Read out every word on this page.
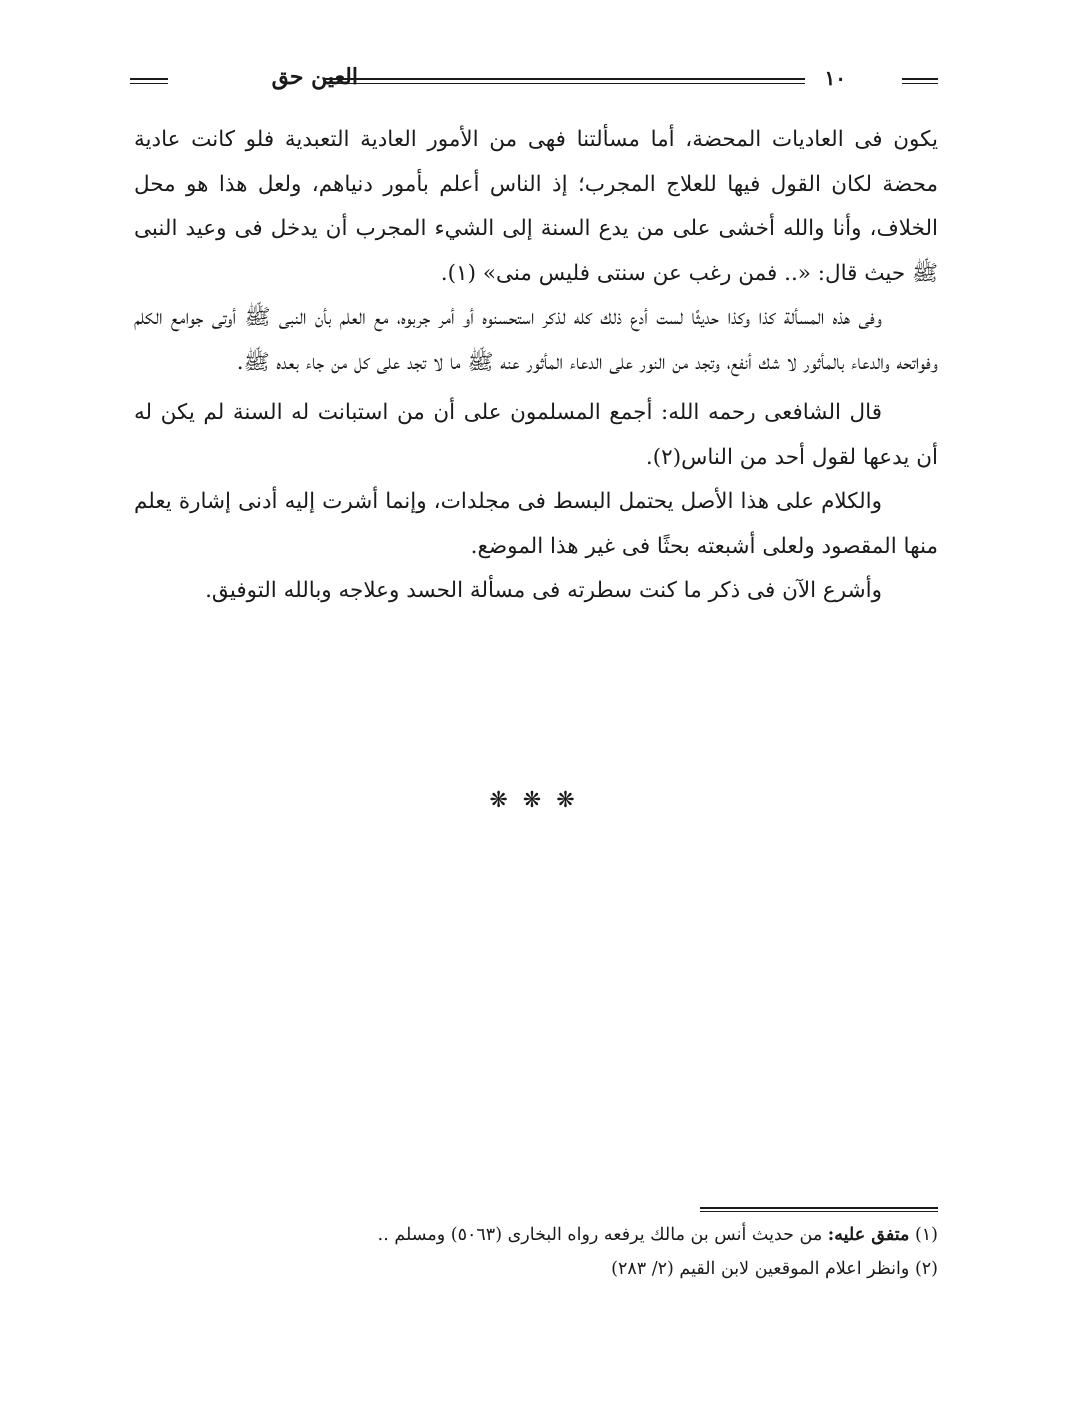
العين حق	١٠

يكون فى العاديات المحضة، أما مسألتنا فهى من الأمور العادية التعبدية فلو كانت عادية محضة لكان القول فيها للعلاج المجرب؛ إذ الناس أعلم بأمور دنياهم، ولعل هذا هو محل الخلاف، وأنا والله أخشى على من يدع السنة إلى الشيء المجرب أن يدخل فى وعيد النبى ﷺ حيث قال: «.. فمن رغب عن سنتى فليس منى» (١).

وفى هذه المسألة كذا وكذا حديثًا لست أدع ذلك كله لذكر استحسنوه أو أمر جربوه، مع العلم بأن النبى ﷺ أوتى جوامع الكلم وفواتحه والدعاء بالمأثور لا شك أنفع، وتجد من النور على الدعاء المأثور عنه ﷺ ما لا تجد على كل من جاء بعده ﷺ.

قال الشافعى رحمه الله: أجمع المسلمون على أن من استبانت له السنة لم يكن له أن يدعها لقول أحد من الناس(٢).

والكلام على هذا الأصل يحتمل البسط فى مجلدات، وإنما أشرت إليه أدنى إشارة يعلم منها المقصود ولعلى أشبعته بحثًا فى غير هذا الموضع.

وأشرع الآن فى ذكر ما كنت سطرته فى مسألة الحسد وعلاجه وبالله التوفيق.

❋ ❋ ❋

(١) متفق عليه: من حديث أنس بن مالك يرفعه رواه البخارى (٥٠٦٣) ومسلم ..

(٢) وانظر اعلام الموقعين لابن القيم (٢/ ٢٨٣)
